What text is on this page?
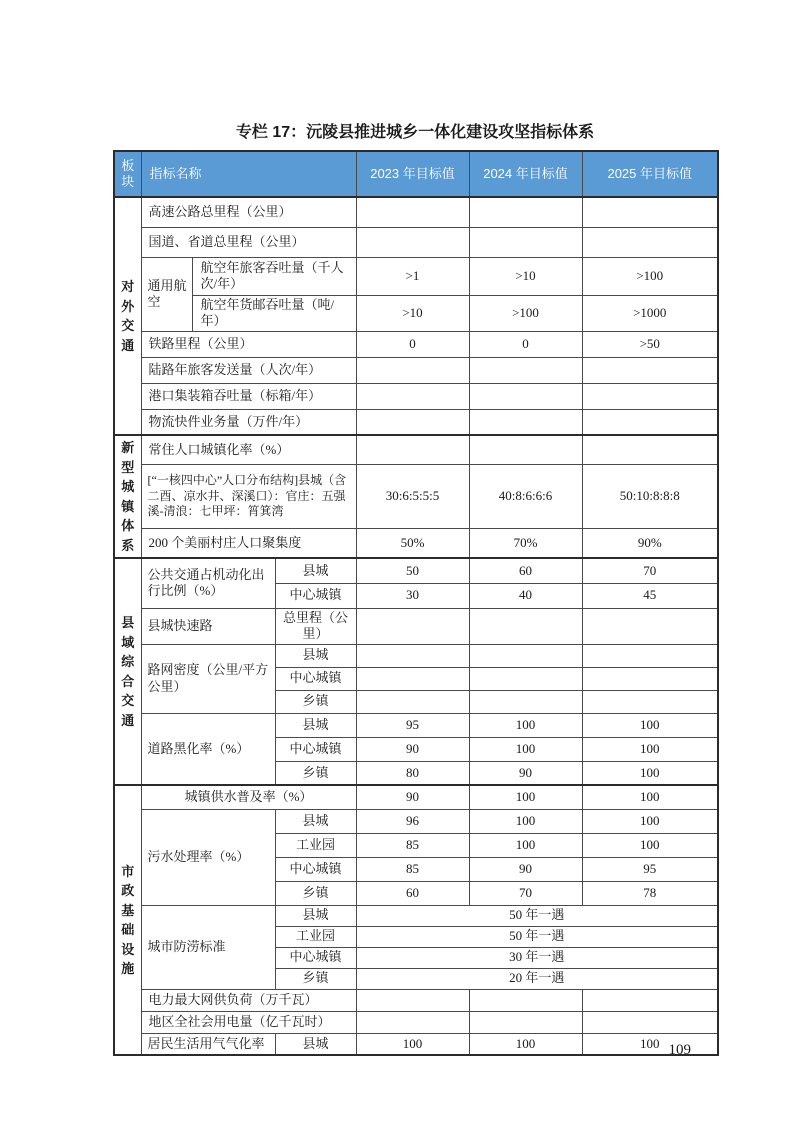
专栏 17：沅陵县推进城乡一体化建设攻坚指标体系
板块	指标名称			2023 年目标值	2024 年目标值	2025 年目标值

对外交通	高速公路总里程（公里）					
	国道、省道总里程（公里）					
	通用航空	航空年旅客吞吐量（千人次/年）		>1	>10	>100
		航空年货邮吞吐量（吨/年）		>10	>100	>1000
	铁路里程（公里）			0	0	>50
	陆路年旅客发送量（人次/年）					
	港口集装箱吞吐量（标箱/年）					
	物流快件业务量（万件/年）					

新型城镇体系	常住人口城镇化率（%）					
	[“一核四中心”人口分布结构]县城（含二酉、凉水井、深溪口）：官庄：五强溪-清浪：七甲坪：筲箕湾			30:6:5:5:5	40:8:6:6:6	50:10:8:8:8
	200 个美丽村庄人口聚集度			50%	70%	90%

县域综合交通	公共交通占机动化出行比例（%）		县城	50	60	70
			中心城镇	30	40	45
	县城快速路		总里程（公里）			
	路网密度（公里/平方公里）		县城			
			中心城镇			
			乡镇			
	道路黑化率（%）		县城	95	100	100
			中心城镇	90	100	100
			乡镇	80	90	100

市政基础设施	城镇供水普及率（%）			90	100	100
	污水处理率（%）		县城	96	100	100
			工业园	85	100	100
			中心城镇	85	90	95
			乡镇	60	70	78
	城市防涝标准		县城	50 年一遇		
			工业园	50 年一遇		
			中心城镇	30 年一遇		
			乡镇	20 年一遇		
	电力最大网供负荷（万千瓦）					
	地区全社会用电量（亿千瓦时）					
	居民生活用气气化率		县城	100	100	100 109
